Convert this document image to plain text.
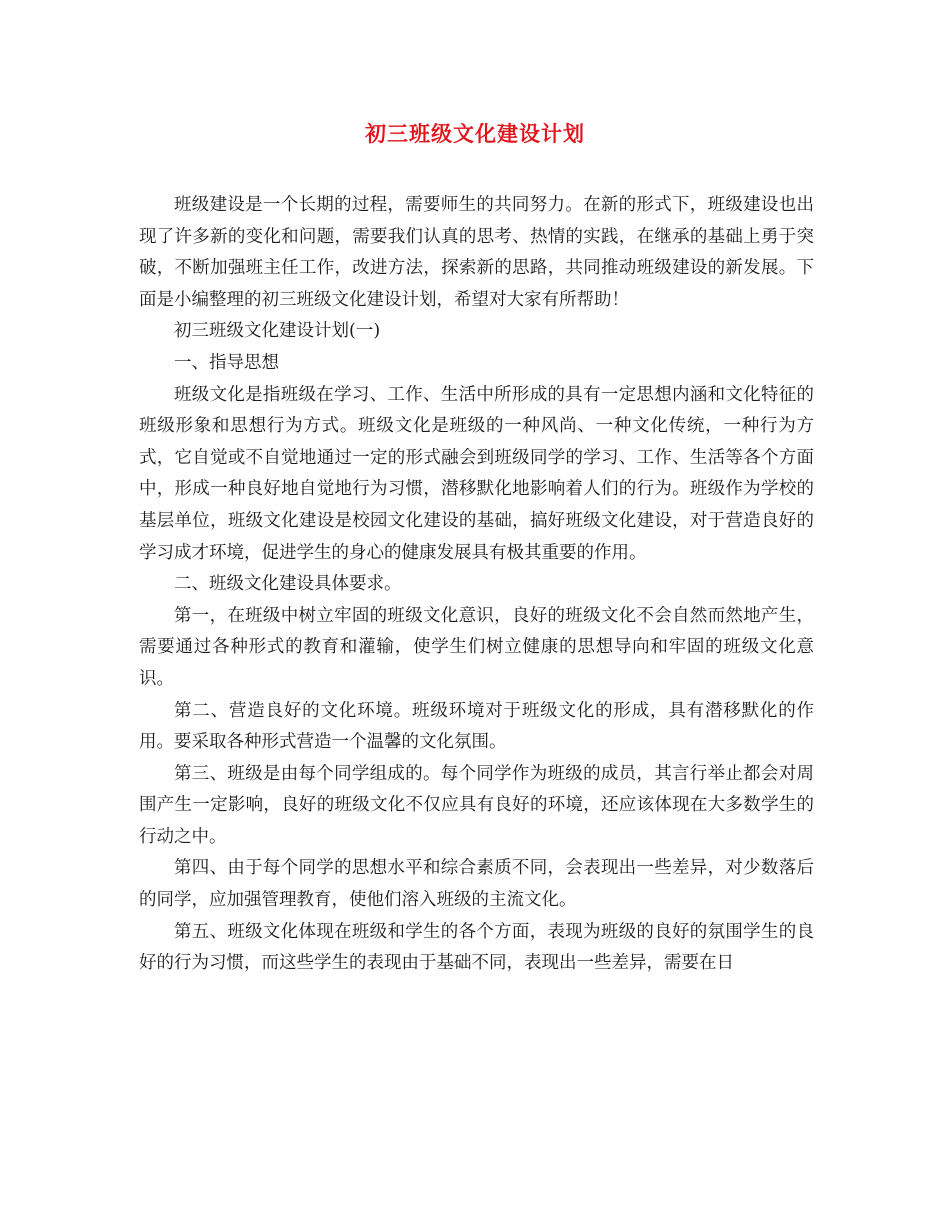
初三班级文化建设计划

班级建设是一个长期的过程，需要师生的共同努力。在新的形式下，班级建设也出现了许多新的变化和问题，需要我们认真的思考、热情的实践，在继承的基础上勇于突破，不断加强班主任工作，改进方法，探索新的思路，共同推动班级建设的新发展。下面是小编整理的初三班级文化建设计划，希望对大家有所帮助！

初三班级文化建设计划(一)

一、指导思想

班级文化是指班级在学习、工作、生活中所形成的具有一定思想内涵和文化特征的班级形象和思想行为方式。班级文化是班级的一种风尚、一种文化传统，一种行为方式，它自觉或不自觉地通过一定的形式融会到班级同学的学习、工作、生活等各个方面中，形成一种良好地自觉地行为习惯，潜移默化地影响着人们的行为。班级作为学校的基层单位，班级文化建设是校园文化建设的基础，搞好班级文化建设，对于营造良好的学习成才环境，促进学生的身心的健康发展具有极其重要的作用。

二、班级文化建设具体要求。

第一，在班级中树立牢固的班级文化意识，良好的班级文化不会自然而然地产生，需要通过各种形式的教育和灌输，使学生们树立健康的思想导向和牢固的班级文化意识。

第二、营造良好的文化环境。班级环境对于班级文化的形成，具有潜移默化的作用。要采取各种形式营造一个温馨的文化氛围。

第三、班级是由每个同学组成的。每个同学作为班级的成员，其言行举止都会对周围产生一定影响，良好的班级文化不仅应具有良好的环境，还应该体现在大多数学生的行动之中。

第四、由于每个同学的思想水平和综合素质不同，会表现出一些差异，对少数落后的同学，应加强管理教育，使他们溶入班级的主流文化。

第五、班级文化体现在班级和学生的各个方面，表现为班级的良好的氛围学生的良好的行为习惯，而这些学生的表现由于基础不同，表现出一些差异，需要在日
